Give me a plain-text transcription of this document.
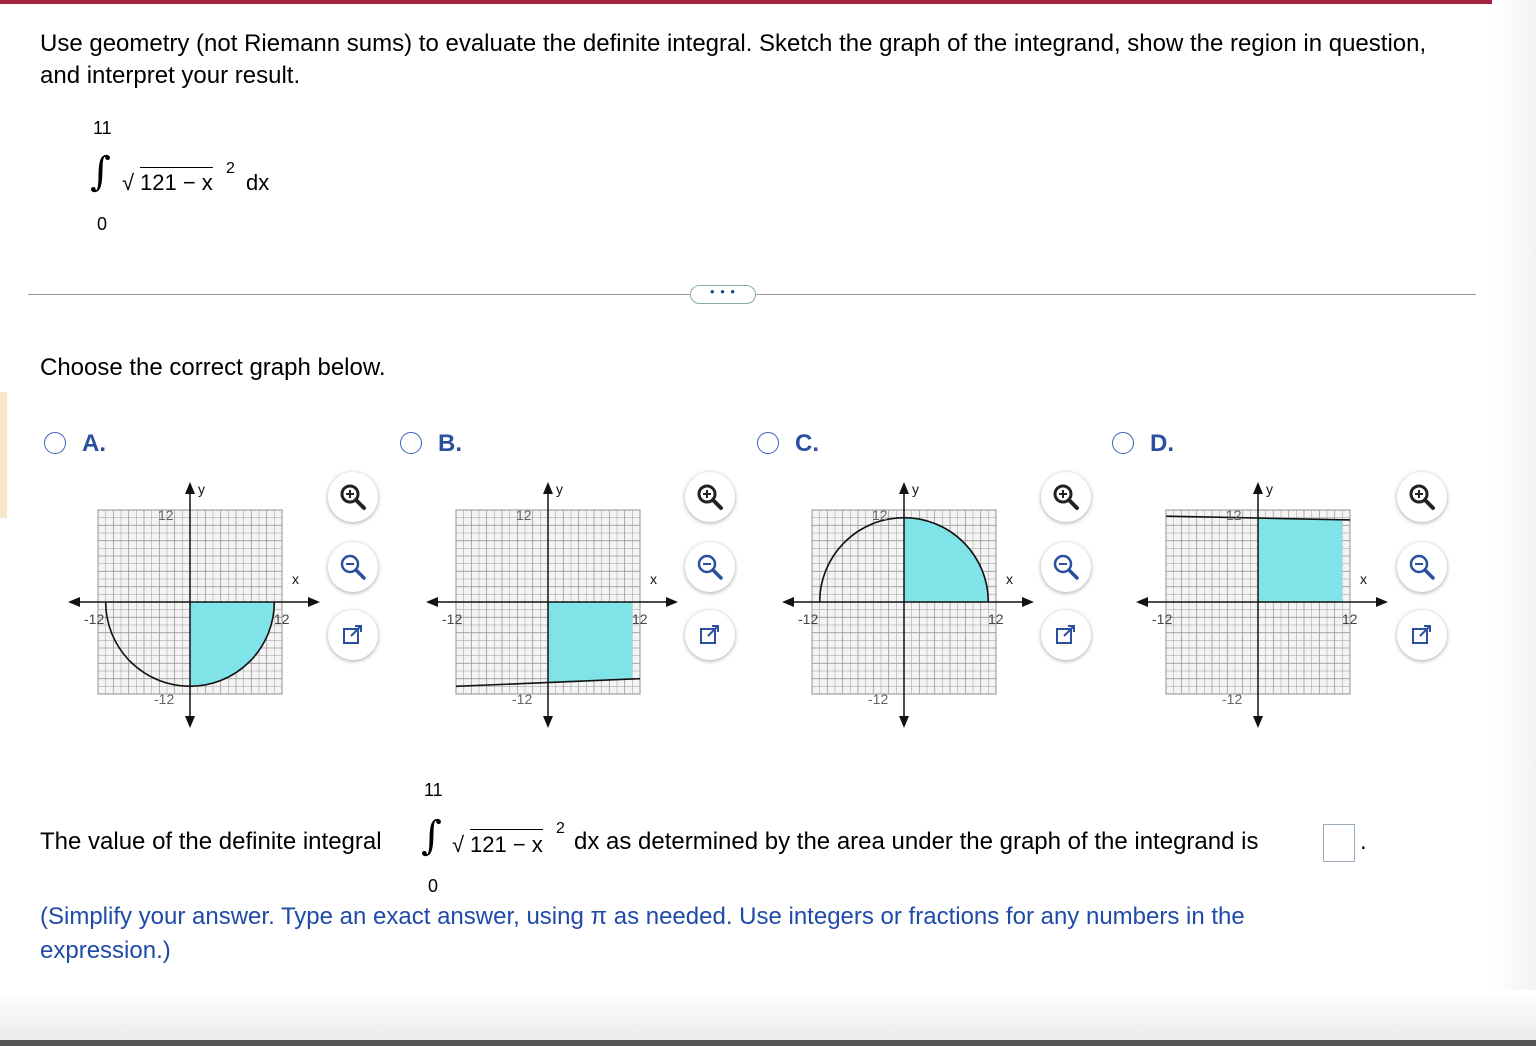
Use geometry (not Riemann sums) to evaluate the definite integral. Sketch the graph of the integrand, show the region in question, and interpret your result.
11
∫
0
√ 121 − x
2
dx
• • •
Choose the correct graph below.
A.	B.	C.	D.
y
x
12
-12
-12	12
y
x
12
-12
-12	12
y
x
12
-12
-12	12
y
x
12
-12
-12	12
The value of the definite integral
11
∫
0
√ 121 − x
2 dx as determined by the area under the graph of the integrand is	.
(Simplify your answer. Type an exact answer, using π as needed. Use integers or fractions for any numbers in the expression.)
